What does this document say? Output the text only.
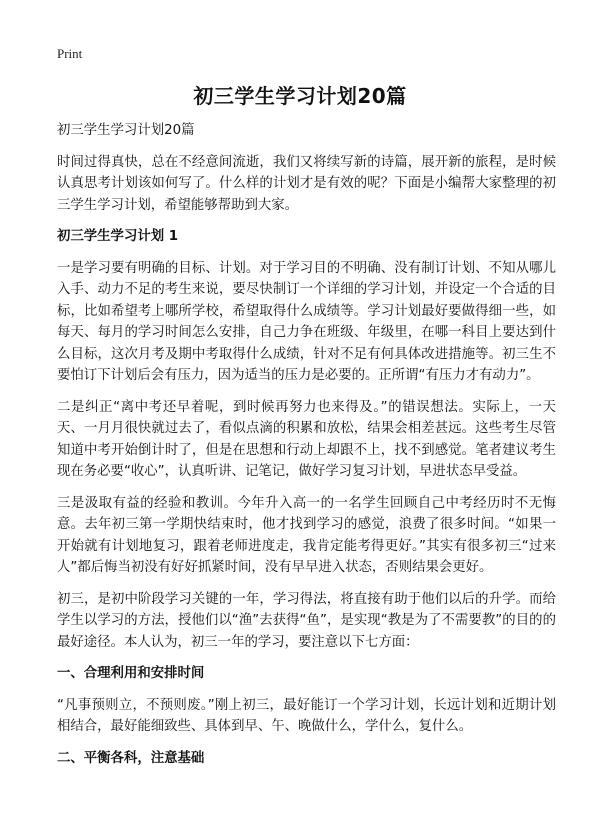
Print
初三学生学习计划20篇

初三学生学习计划20篇

时间过得真快，总在不经意间流逝，我们又将续写新的诗篇，展开新的旅程，是时候认真思考计划该如何写了。什么样的计划才是有效的呢？下面是小编帮大家整理的初三学生学习计划，希望能够帮助到大家。

初三学生学习计划 1

一是学习要有明确的目标、计划。对于学习目的不明确、没有制订计划、不知从哪儿入手、动力不足的考生来说，要尽快制订一个详细的学习计划，并设定一个合适的目标，比如希望考上哪所学校，希望取得什么成绩等。学习计划最好要做得细一些，如每天、每月的学习时间怎么安排，自己力争在班级、年级里，在哪一科目上要达到什么目标，这次月考及期中考取得什么成绩，针对不足有何具体改进措施等。初三生不要怕订下计划后会有压力，因为适当的压力是必要的。正所谓“有压力才有动力”。

二是纠正“离中考还早着呢，到时候再努力也来得及。”的错误想法。实际上，一天天、一月月很快就过去了，看似点滴的积累和放松，结果会相差甚远。这些考生尽管知道中考开始倒计时了，但是在思想和行动上却跟不上，找不到感觉。笔者建议考生现在务必要“收心”，认真听讲、记笔记，做好学习复习计划，早进状态早受益。

三是汲取有益的经验和教训。今年升入高一的一名学生回顾自己中考经历时不无悔意。去年初三第一学期快结束时，他才找到学习的感觉，浪费了很多时间。“如果一开始就有计划地复习，跟着老师进度走，我肯定能考得更好。”其实有很多初三“过来人”都后悔当初没有好好抓紧时间，没有早早进入状态，否则结果会更好。

初三，是初中阶段学习关键的一年，学习得法，将直接有助于他们以后的升学。而给学生以学习的方法，授他们以“渔”去获得“鱼”，是实现“教是为了不需要教”的目的的最好途径。本人认为，初三一年的学习，要注意以下七方面：

一、合理利用和安排时间

“凡事预则立，不预则废。”刚上初三，最好能订一个学习计划，长远计划和近期计划相结合，最好能细致些、具体到早、午、晚做什么，学什么，复什么。

二、平衡各科，注意基础
